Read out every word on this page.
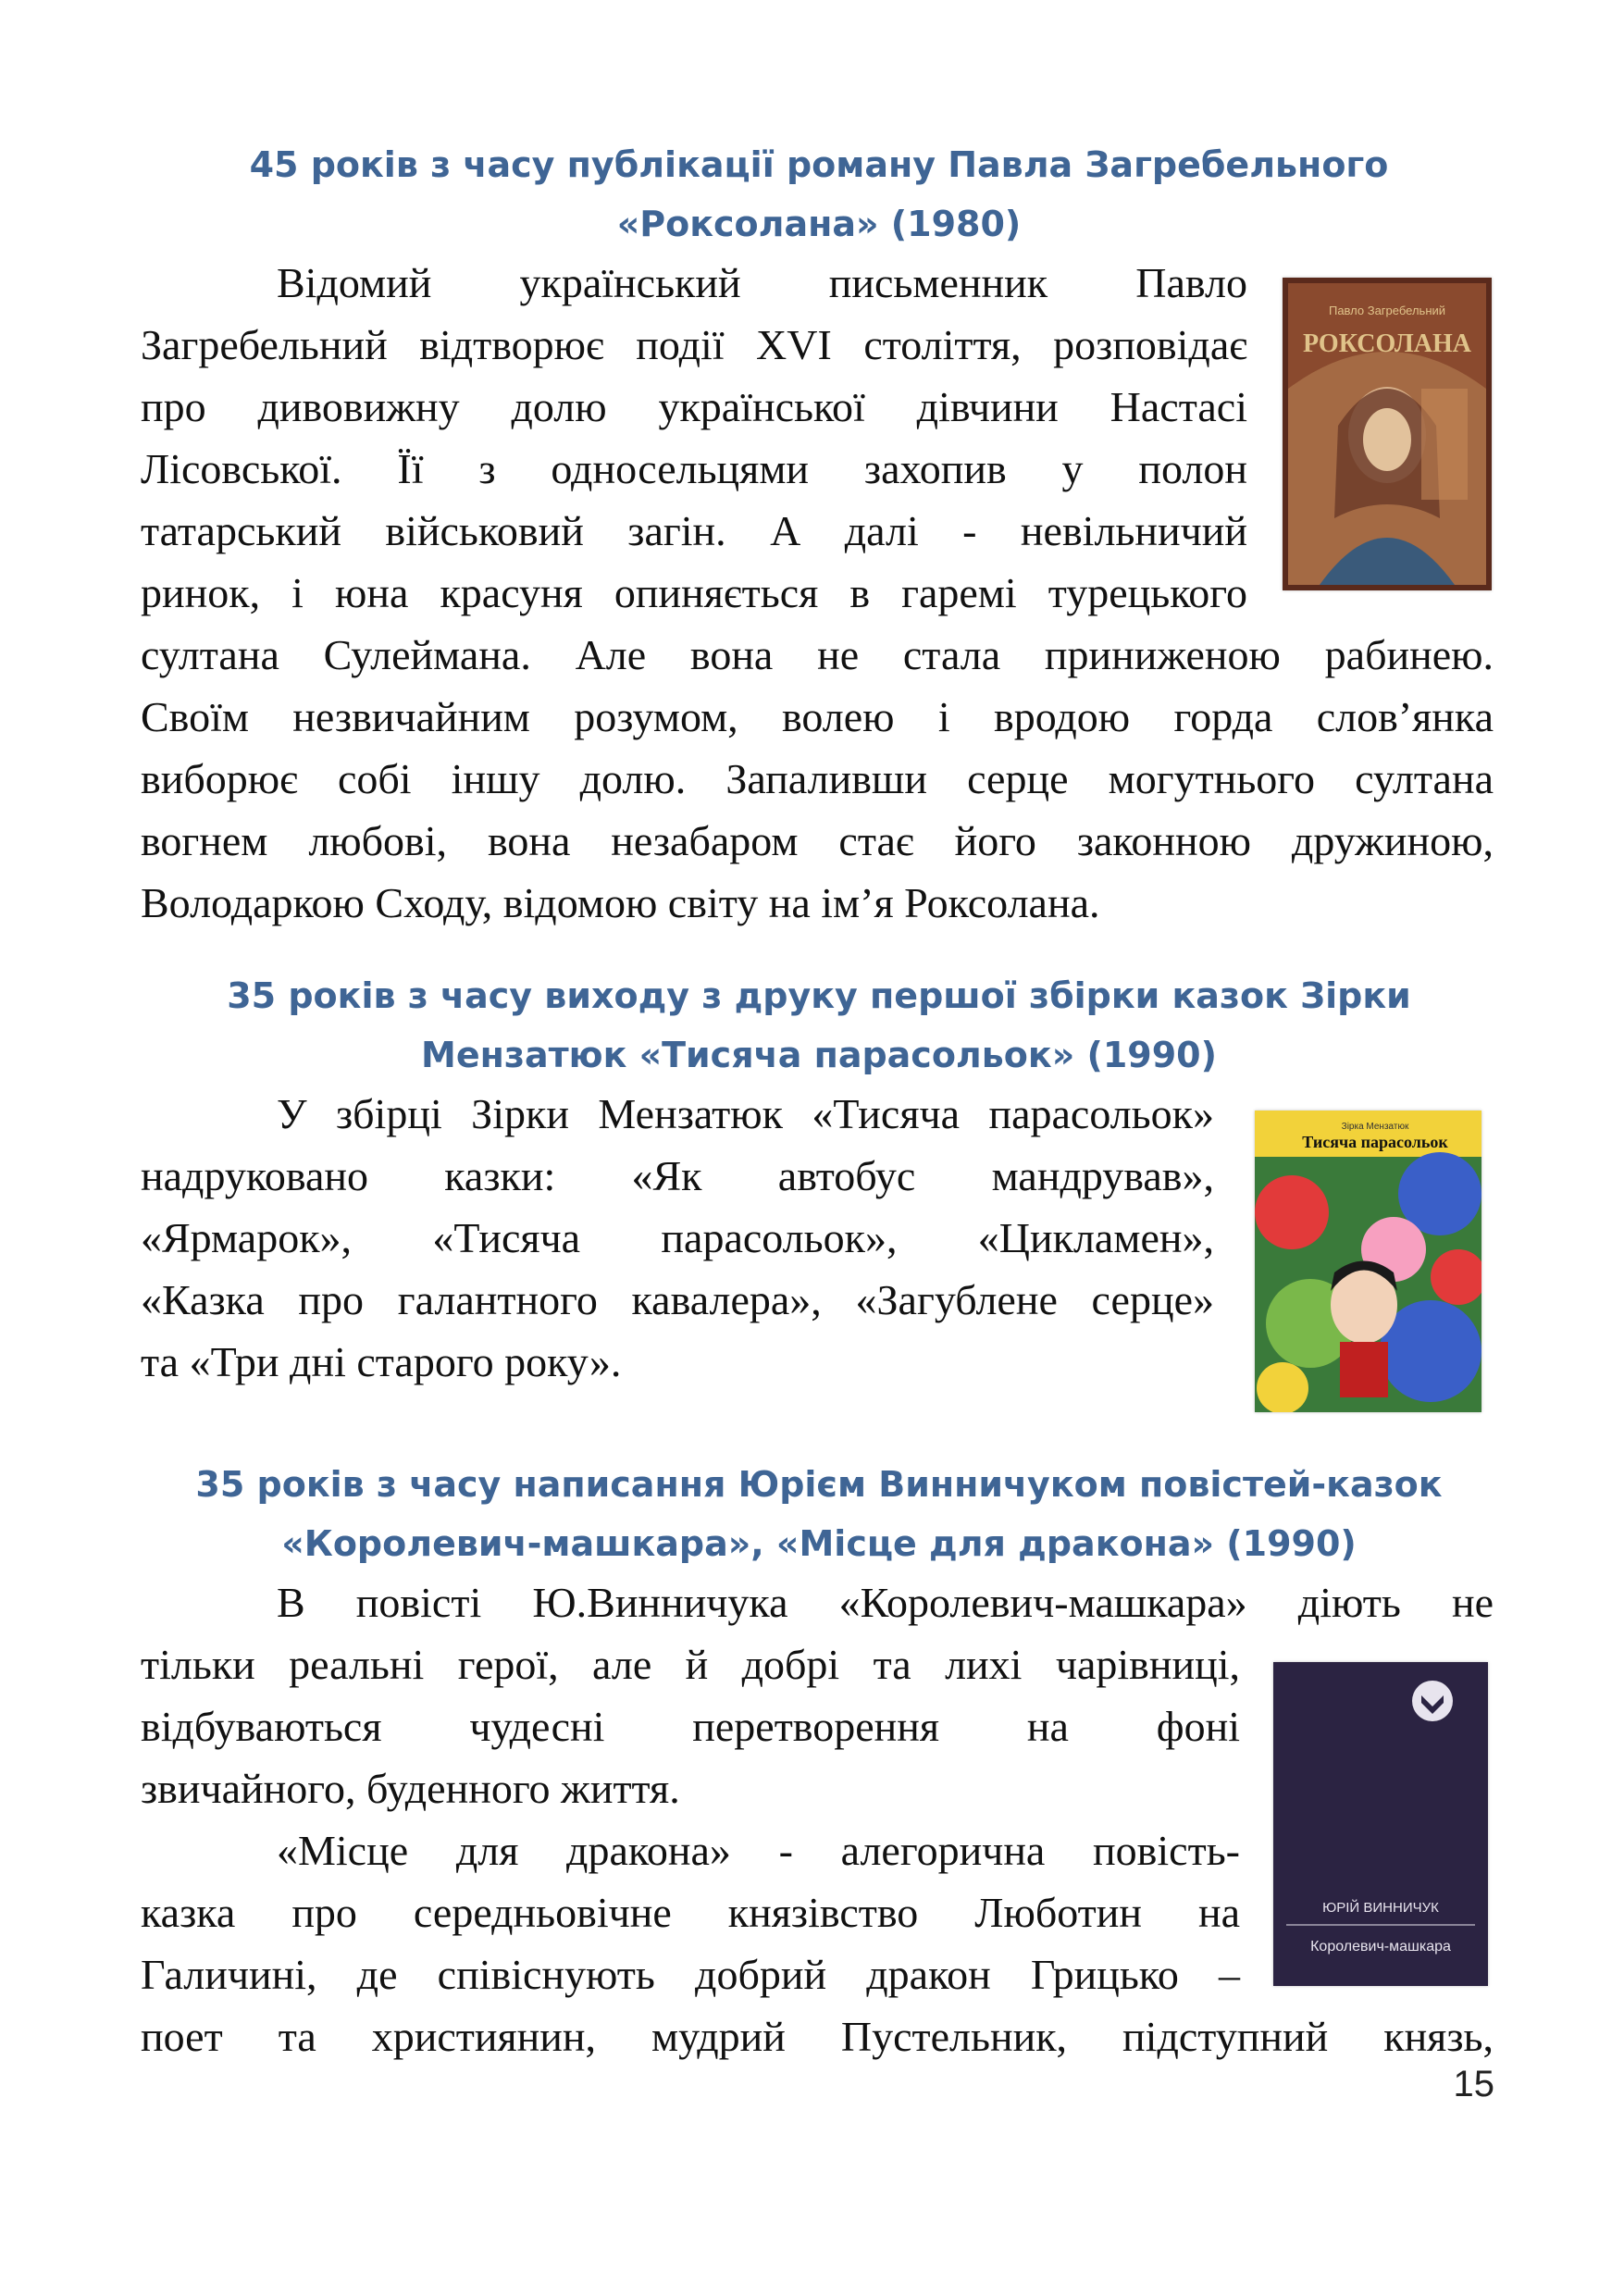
45 років з часу публікації роману Павла Загребельного
«Роксолана» (1980)
Відомий український письменник Павло
Загребельний відтворює події XVI століття, розповідає
про дивовижну долю української дівчини Настасі
Лісовської. Її з односельцями захопив у полон
татарський військовий загін. А далі - невільничий
ринок, і юна красуня опиняється в гаремі турецького
султана Сулеймана. Але вона не стала приниженою рабинею.
Своїм незвичайним розумом, волею і вродою горда слов’янка
виборює собі іншу долю. Запаливши серце могутнього султана
вогнем любові, вона незабаром стає його законною дружиною,
Володаркою Сходу, відомою світу на ім’я Роксолана.
Павло Загребельний
РОКСОЛАНА
35 років з часу виходу з друку першої збірки казок Зірки
Мензатюк «Тисяча парасольок» (1990)
У збірці Зірки Мензатюк «Тисяча парасольок»
надруковано казки: «Як автобус мандрував»,
«Ярмарок», «Тисяча парасольок», «Цикламен»,
«Казка про галантного кавалера», «Загублене серце»
та «Три дні старого року».
Зірка Мензатюк
Тисяча парасольок
35 років з часу написання Юрієм Винничуком повістей-казок
«Королевич-машкара», «Місце для дракона» (1990)
В повісті Ю.Винничука «Королевич-машкара» діють не
тільки реальні герої, але й добрі та лихі чарівниці,
відбуваються чудесні перетворення на фоні
звичайного, буденного життя.
«Місце для дракона» - алегорична повість-
казка про середньовічне князівство Люботин на
Галичині, де співіснують добрий дракон Грицько –
поет та християнин, мудрий Пустельник, підступний князь,
ЮРІЙ ВИННИЧУК
Королевич-машкара
15
